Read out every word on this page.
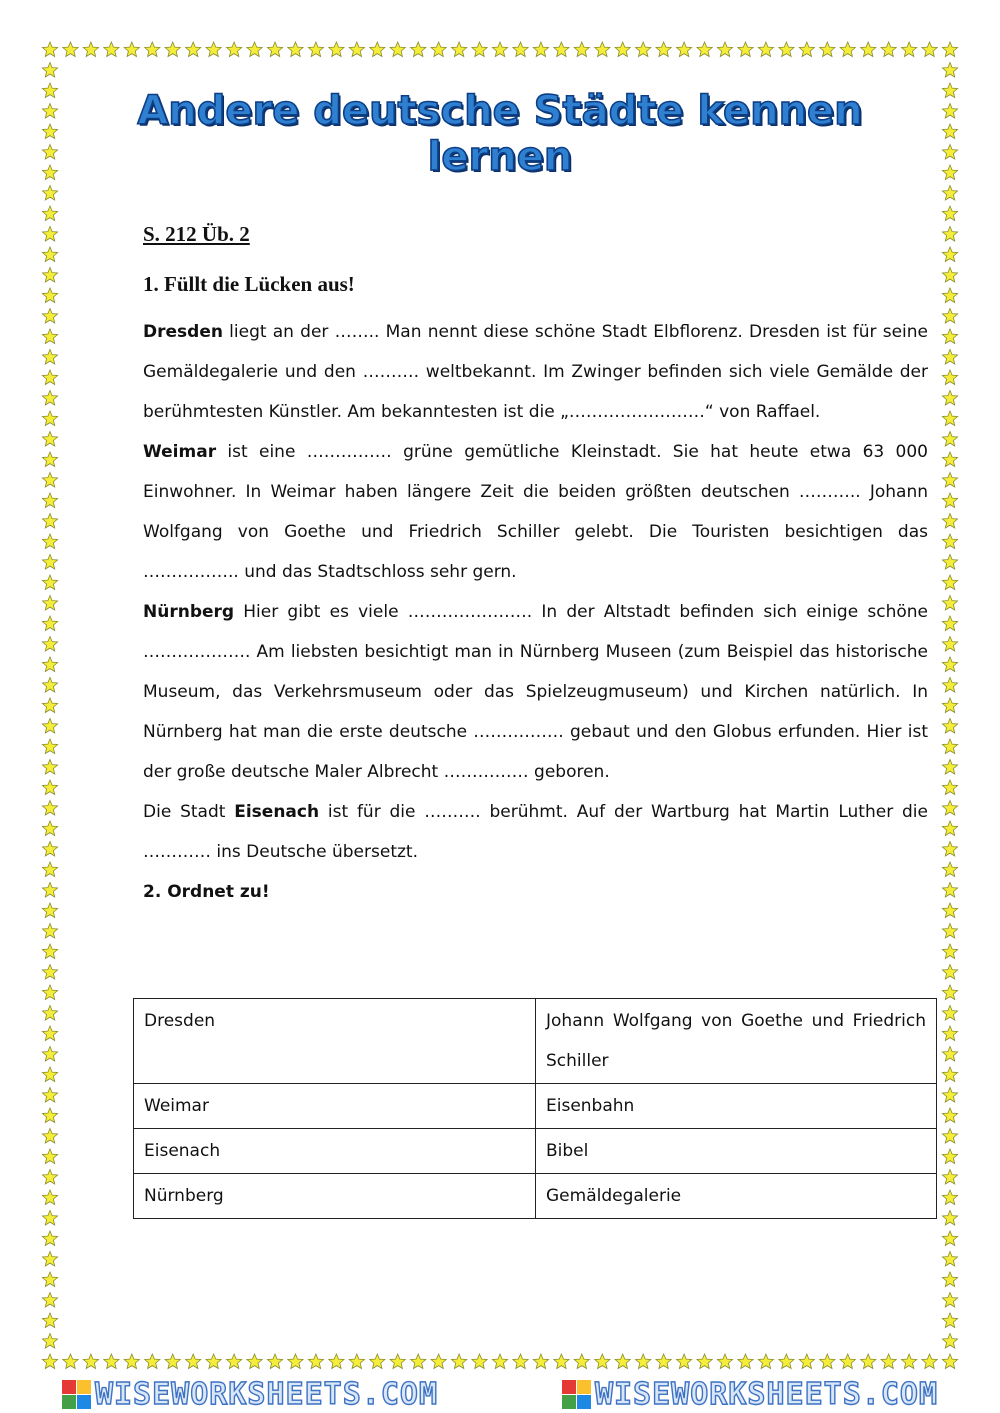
Andere deutsche Städte kennen lernen
S. 212 Üb. 2
1. Füllt die Lücken aus!

Dresden liegt an der …….. Man nennt diese schöne Stadt Elbflorenz. Dresden ist für seine Gemäldegalerie und den ………. weltbekannt. Im Zwinger befinden sich viele Gemälde der berühmtesten Künstler. Am bekanntesten ist die „……………………“ von Raffael.

Weimar ist eine …………… grüne gemütliche Kleinstadt. Sie hat heute etwa 63 000 Einwohner. In Weimar haben längere Zeit die beiden größten deutschen ……….. Johann Wolfgang von Goethe und Friedrich Schiller gelebt. Die Touristen besichtigen das …………….. und das Stadtschloss sehr gern.

Nürnberg Hier gibt es viele …………………. In der Altstadt befinden sich einige schöne ………………. Am liebsten besichtigt man in Nürnberg Museen (zum Beispiel das historische Museum, das Verkehrsmuseum oder das Spielzeugmuseum) und Kirchen natürlich. In Nürnberg hat man die erste deutsche ……………. gebaut und den Globus erfunden. Hier ist der große deutsche Maler Albrecht …………… geboren.

Die Stadt Eisenach ist für die ………. berühmt. Auf der Wartburg hat Martin Luther die ………… ins Deutsche übersetzt.

2. Ordnet zu!
Dresden	Johann Wolfgang von Goethe und Friedrich Schiller
Weimar	Eisenbahn
Eisenach	Bibel
Nürnberg	Gemäldegalerie
WISEWORKSHEETS.COM	WISEWORKSHEETS.COM
